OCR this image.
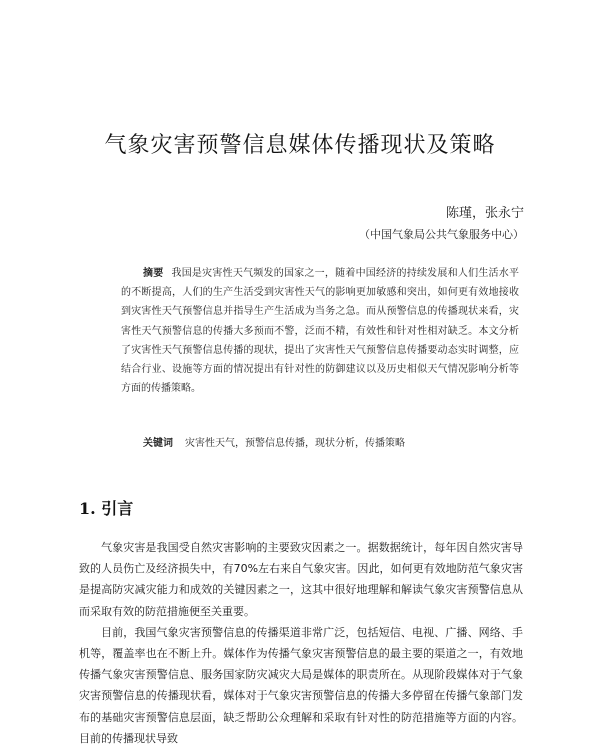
气象灾害预警信息媒体传播现状及策略
陈瑾，张永宁
（中国气象局公共气象服务中心）
摘要 我国是灾害性天气频发的国家之一，随着中国经济的持续发展和人们生活水平的不断提高，人们的生产生活受到灾害性天气的影响更加敏感和突出，如何更有效地接收到灾害性天气预警信息并指导生产生活成为当务之急。而从预警信息的传播现状来看，灾害性天气预警信息的传播大多预而不警，泛而不精，有效性和针对性相对缺乏。本文分析了灾害性天气预警信息传播的现状，提出了灾害性天气预警信息传播要动态实时调整，应结合行业、设施等方面的情况提出有针对性的防御建议以及历史相似天气情况影响分析等方面的传播策略。
关键词 灾害性天气，预警信息传播，现状分析，传播策略
1. 引言

气象灾害是我国受自然灾害影响的主要致灾因素之一。据数据统计，每年因自然灾害导致的人员伤亡及经济损失中，有70%左右来自气象灾害。因此，如何更有效地防范气象灾害是提高防灾减灾能力和成效的关键因素之一，这其中很好地理解和解读气象灾害预警信息从而采取有效的防范措施便至关重要。

目前，我国气象灾害预警信息的传播渠道非常广泛，包括短信、电视、广播、网络、手机等，覆盖率也在不断上升。媒体作为传播气象灾害预警信息的最主要的渠道之一，有效地传播气象灾害预警信息、服务国家防灾减灾大局是媒体的职责所在。从现阶段媒体对于气象灾害预警信息的传播现状看，媒体对于气象灾害预警信息的传播大多停留在传播气象部门发布的基础灾害预警信息层面，缺乏帮助公众理解和采取有针对性的防范措施等方面的内容。目前的传播现状导致
